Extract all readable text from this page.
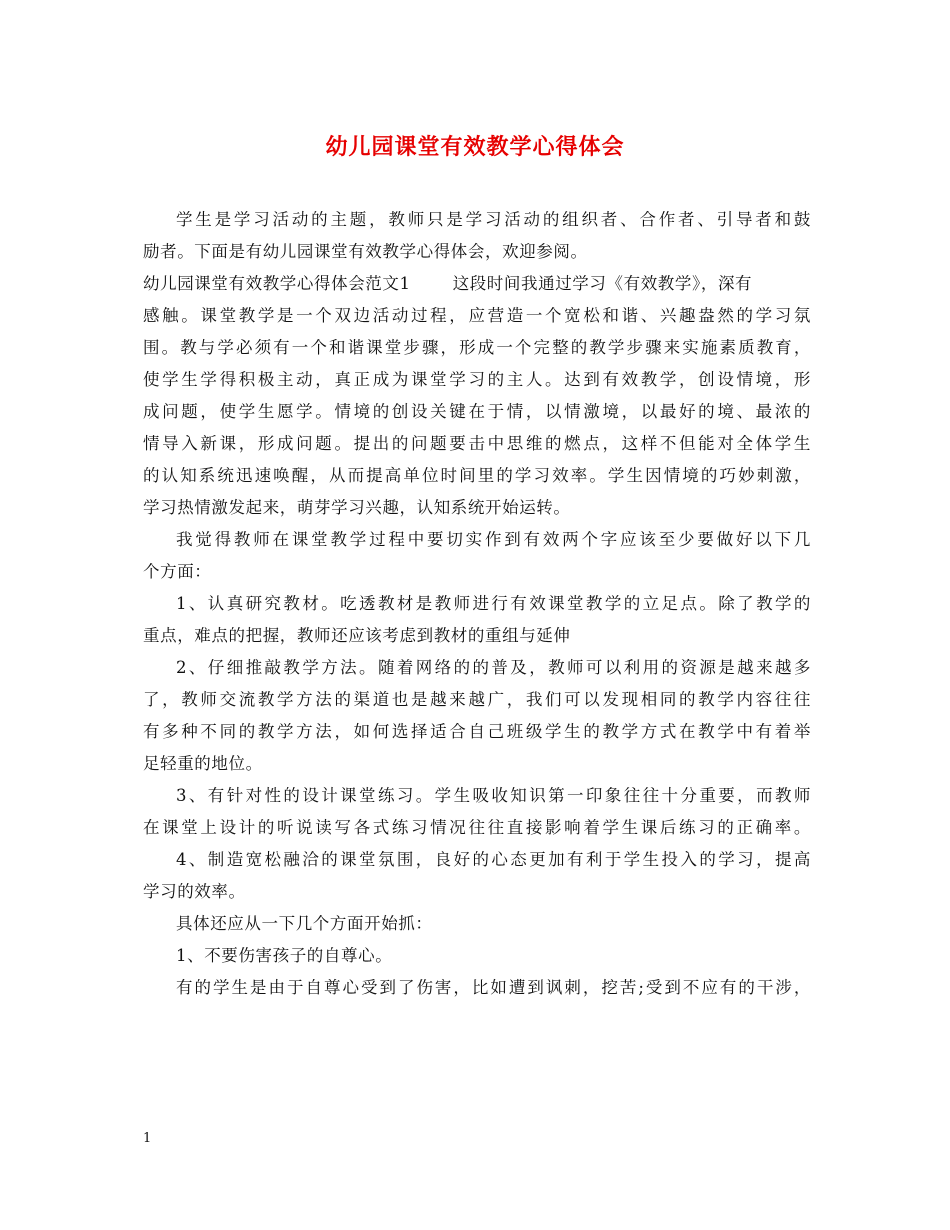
幼儿园课堂有效教学心得体会
学生是学习活动的主题，教师只是学习活动的组织者、合作者、引导者和鼓
励者。下面是有幼儿园课堂有效教学心得体会，欢迎参阅。
幼儿园课堂有效教学心得体会范文1	这段时间我通过学习《有效教学》，深有
感触。课堂教学是一个双边活动过程，应营造一个宽松和谐、兴趣盎然的学习氛
围。教与学必须有一个和谐课堂步骤，形成一个完整的教学步骤来实施素质教育，
使学生学得积极主动，真正成为课堂学习的主人。达到有效教学，创设情境，形
成问题，使学生愿学。情境的创设关键在于情，以情激境，以最好的境、最浓的
情导入新课，形成问题。提出的问题要击中思维的燃点，这样不但能对全体学生
的认知系统迅速唤醒，从而提高单位时间里的学习效率。学生因情境的巧妙刺激，
学习热情激发起来，萌芽学习兴趣，认知系统开始运转。
我觉得教师在课堂教学过程中要切实作到有效两个字应该至少要做好以下几
个方面：
1、认真研究教材。吃透教材是教师进行有效课堂教学的立足点。除了教学的
重点，难点的把握，教师还应该考虑到教材的重组与延伸
2、仔细推敲教学方法。随着网络的的普及，教师可以利用的资源是越来越多
了，教师交流教学方法的渠道也是越来越广，我们可以发现相同的教学内容往往
有多种不同的教学方法，如何选择适合自己班级学生的教学方式在教学中有着举
足轻重的地位。
3、有针对性的设计课堂练习。学生吸收知识第一印象往往十分重要，而教师
在课堂上设计的听说读写各式练习情况往往直接影响着学生课后练习的正确率。
4、制造宽松融洽的课堂氛围，良好的心态更加有利于学生投入的学习，提高
学习的效率。
具体还应从一下几个方面开始抓：
1、不要伤害孩子的自尊心。
有的学生是由于自尊心受到了伤害，比如遭到讽刺，挖苦;受到不应有的干涉，
1
